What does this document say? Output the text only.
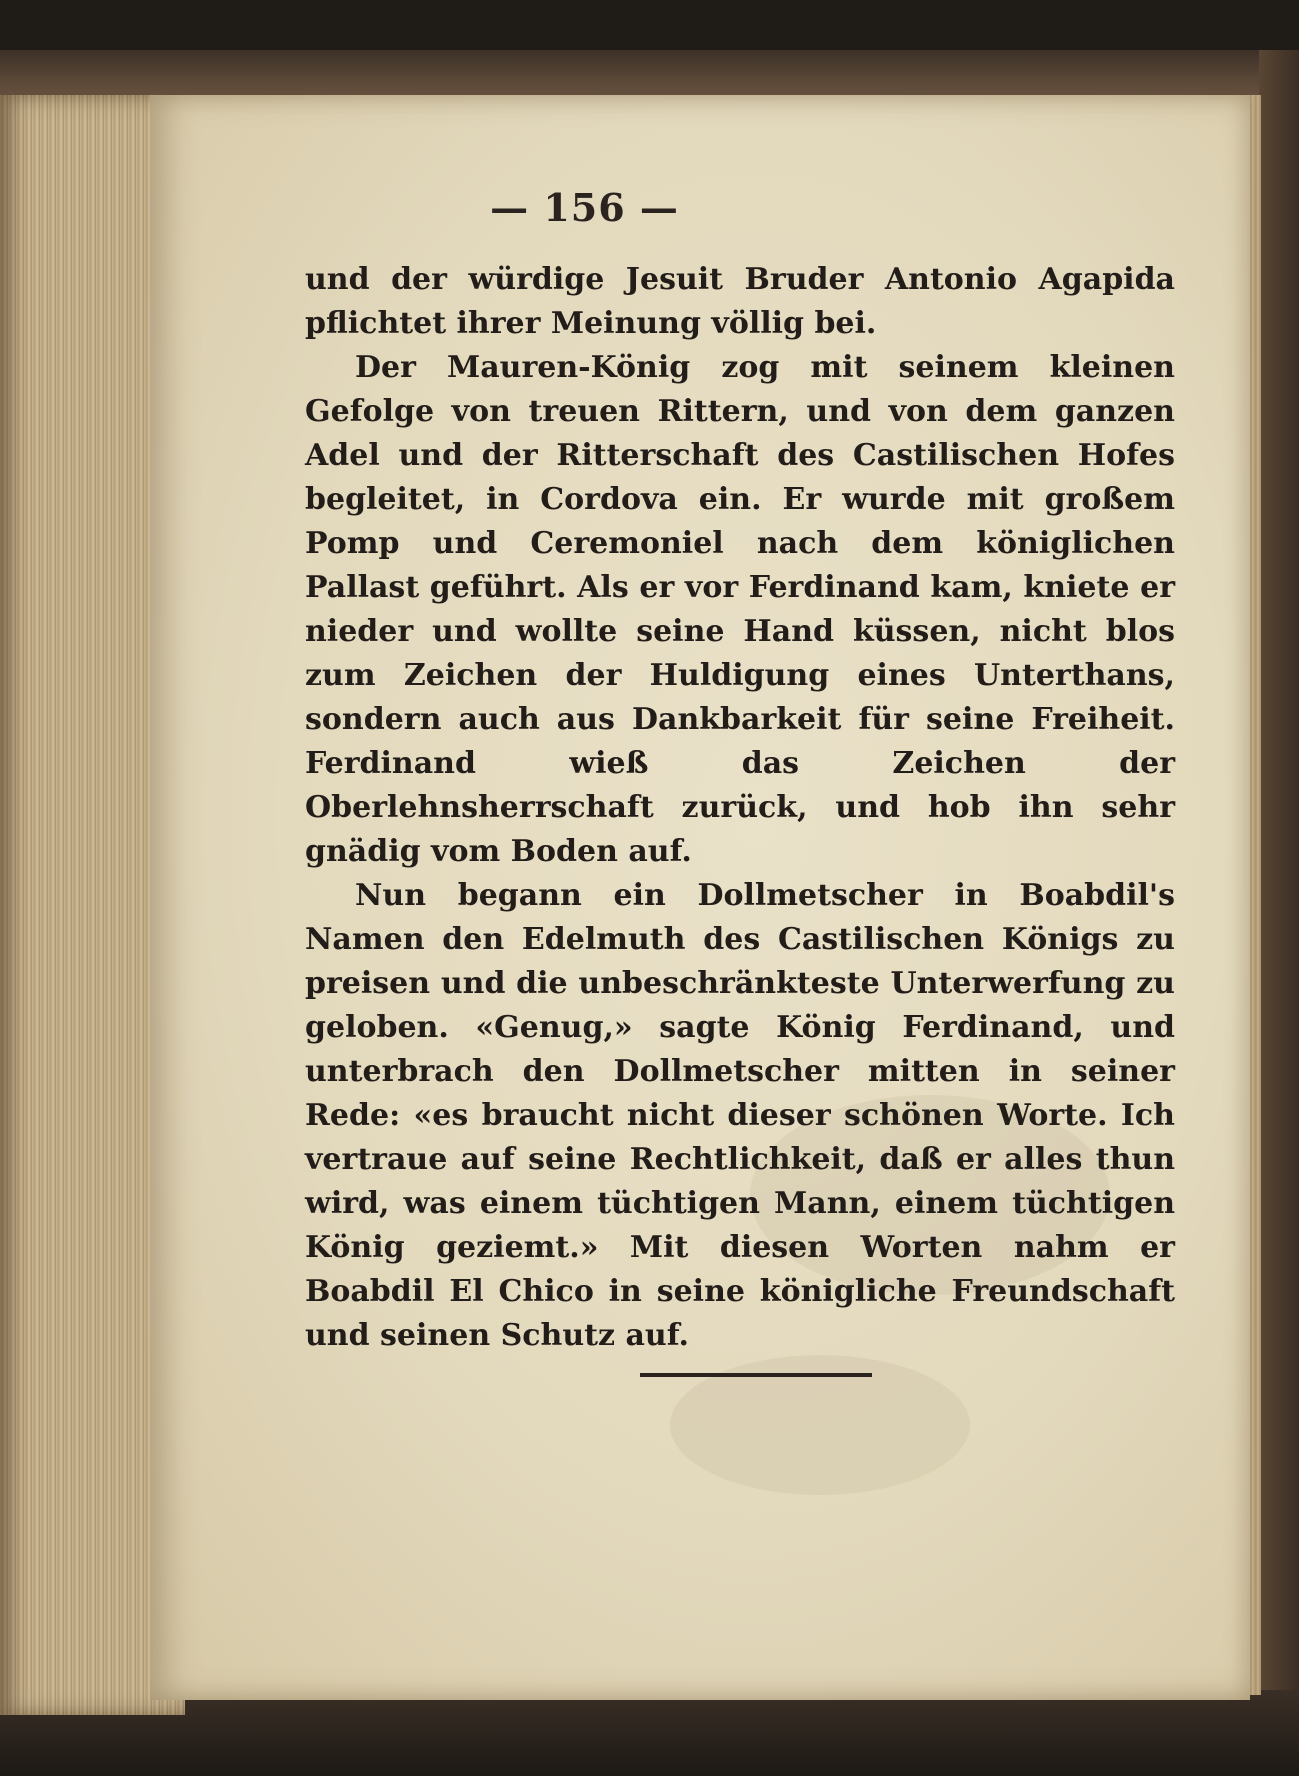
— 156 —

und der würdige Jesuit Bruder Antonio Agapida pflichtet ihrer Meinung völlig bei.

Der Mauren-König zog mit seinem kleinen Gefolge von treuen Rittern, und von dem ganzen Adel und der Ritterschaft des Castilischen Hofes begleitet, in Cordova ein. Er wurde mit großem Pomp und Ceremoniel nach dem königlichen Pallast geführt. Als er vor Ferdinand kam, kniete er nieder und wollte seine Hand küssen, nicht blos zum Zeichen der Huldigung eines Unterthans, sondern auch aus Dankbarkeit für seine Freiheit. Ferdinand wieß das Zeichen der Oberlehnsherrschaft zurück, und hob ihn sehr gnädig vom Boden auf.

Nun begann ein Dollmetscher in Boabdil's Namen den Edelmuth des Castilischen Königs zu preisen und die unbeschränkteste Unterwerfung zu geloben. «Genug,» sagte König Ferdinand, und unterbrach den Dollmetscher mitten in seiner Rede: «es braucht nicht dieser schönen Worte. Ich vertraue auf seine Rechtlichkeit, daß er alles thun wird, was einem tüchtigen Mann, einem tüchtigen König geziemt.» Mit diesen Worten nahm er Boabdil El Chico in seine königliche Freundschaft und seinen Schutz auf.
